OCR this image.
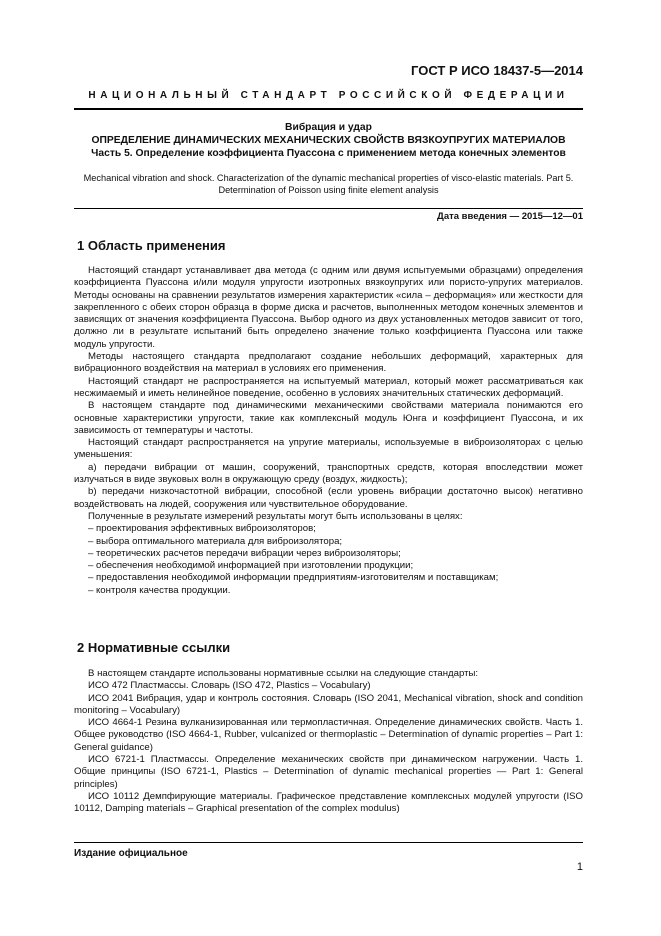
ГОСТ Р ИСО 18437-5—2014
НАЦИОНАЛЬНЫЙ СТАНДАРТ РОССИЙСКОЙ ФЕДЕРАЦИИ
Вибрация и удар
ОПРЕДЕЛЕНИЕ ДИНАМИЧЕСКИХ МЕХАНИЧЕСКИХ СВОЙСТВ ВЯЗКОУПРУГИХ МАТЕРИАЛОВ
Часть 5. Определение коэффициента Пуассона с применением метода конечных элементов
Mechanical vibration and shock. Characterization of the dynamic mechanical properties of visco-elastic materials. Part 5.
Determination of Poisson using finite element analysis
Дата введения — 2015—12—01
1 Область применения

Настоящий стандарт устанавливает два метода (с одним или двумя испытуемыми образцами) определения коэффициента Пуассона и/или модуля упругости изотропных вязкоупругих или пористо-упругих материалов. Методы основаны на сравнении результатов измерения характеристик «сила – деформация» или жесткости для закрепленного с обеих сторон образца в форме диска и расчетов, выполненных методом конечных элементов и зависящих от значения коэффициента Пуассона. Выбор одного из двух установленных методов зависит от того, должно ли в результате испытаний быть определено значение только коэффициента Пуассона или также модуль упругости.

Методы настоящего стандарта предполагают создание небольших деформаций, характерных для вибрационного воздействия на материал в условиях его применения.

Настоящий стандарт не распространяется на испытуемый материал, который может рассматриваться как несжимаемый и иметь нелинейное поведение, особенно в условиях значительных статических деформаций.

В настоящем стандарте под динамическими механическими свойствами материала понимаются его основные характеристики упругости, такие как комплексный модуль Юнга и коэффициент Пуассона, и их зависимость от температуры и частоты.

Настоящий стандарт распространяется на упругие материалы, используемые в виброизоляторах с целью уменьшения:

а) передачи вибрации от машин, сооружений, транспортных средств, которая впоследствии может излучаться в виде звуковых волн в окружающую среду (воздух, жидкость);

b) передачи низкочастотной вибрации, способной (если уровень вибрации достаточно высок) негативно воздействовать на людей, сооружения или чувствительное оборудование.

Полученные в результате измерений результаты могут быть использованы в целях:

– проектирования эффективных виброизоляторов;

– выбора оптимального материала для виброизолятора;

– теоретических расчетов передачи вибрации через виброизоляторы;

– обеспечения необходимой информацией при изготовлении продукции;

– предоставления необходимой информации предприятиям-изготовителям и поставщикам;

– контроля качества продукции.

2 Нормативные ссылки

В настоящем стандарте использованы нормативные ссылки на следующие стандарты:

ИСО 472 Пластмассы. Словарь (ISO 472, Plastics – Vocabulary)

ИСО 2041 Вибрация, удар и контроль состояния. Словарь (ISO 2041, Mechanical vibration, shock and condition monitoring – Vocabulary)

ИСО 4664-1 Резина вулканизированная или термопластичная. Определение динамических свойств. Часть 1. Общее руководство (ISO 4664-1, Rubber, vulcanized or thermoplastic – Determination of dynamic properties – Part 1: General guidance)

ИСО 6721-1 Пластмассы. Определение механических свойств при динамическом нагружении. Часть 1. Общие принципы (ISO 6721-1, Plastics – Determination of dynamic mechanical properties — Part 1: General principles)

ИСО 10112 Демпфирующие материалы. Графическое представление комплексных модулей упругости (ISO 10112, Damping materials – Graphical presentation of the complex modulus)

Издание официальное
1
